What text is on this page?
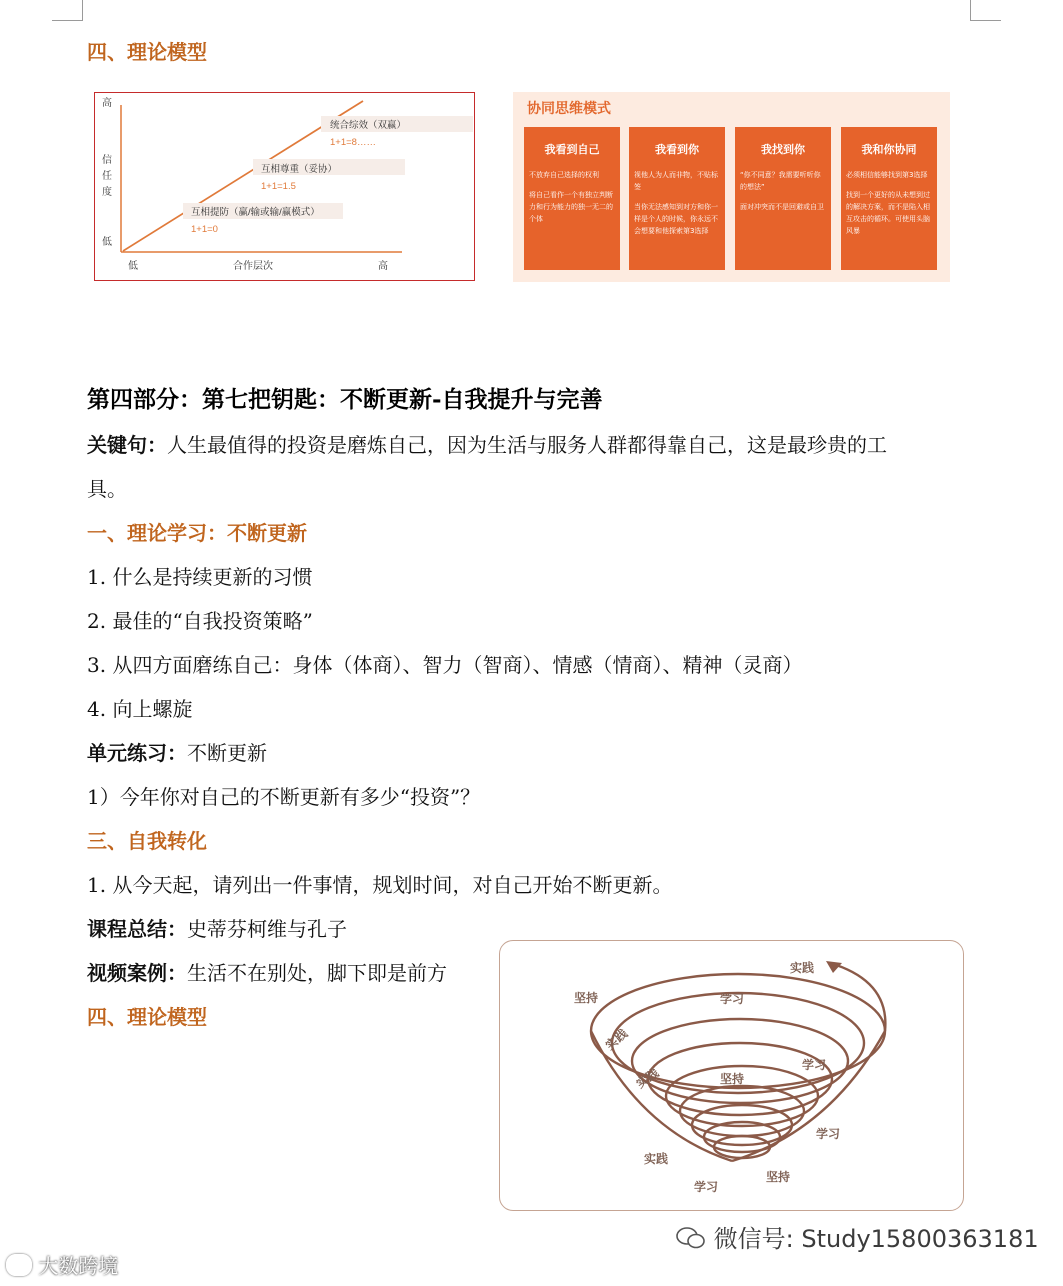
四、理论模型
高
信
任
度
低
低	合作层次	高
互相提防（赢/输或输/赢模式）
1+1=0
互相尊重（妥协）
1+1=1.5
统合综效（双赢）
1+1=8……
协同思维模式
我看到自己
不放弃自己选择的权利
将自己看作一个有独立判断力和行为能力的独一无二的个体
我看到你
视他人为人而非物，不贴标签
当你无法感知到对方和你一样是个人的时候，你永远不会想要和他探索第3选择
我找到你
“你不同意？我需要听听你的想法”
面对冲突而不是回避或自卫
我和你协同
必须相信能够找到第3选择
找到一个更好的从未想到过的解决方案，而不是陷入相互攻击的循环。可使用头脑风暴
第四部分：第七把钥匙：不断更新-自我提升与完善
关键句：人生最值得的投资是磨炼自己，因为生活与服务人群都得靠自己，这是最珍贵的工
具。
一、理论学习：不断更新
1. 什么是持续更新的习惯
2. 最佳的“自我投资策略”
3. 从四方面磨练自己：身体（体商）、智力（智商）、情感（情商）、精神（灵商）
4. 向上螺旋
单元练习：不断更新
1）今年你对自己的不断更新有多少“投资”？
三、自我转化
1. 从今天起，请列出一件事情，规划时间，对自己开始不断更新。
课程总结：史蒂芬柯维与孔子
视频案例：生活不在别处，脚下即是前方
四、理论模型
实践
坚持	学习
实践
学习
实践	坚持
学习
实践
坚持
学习
微信号: Study15800363181
大数跨境
